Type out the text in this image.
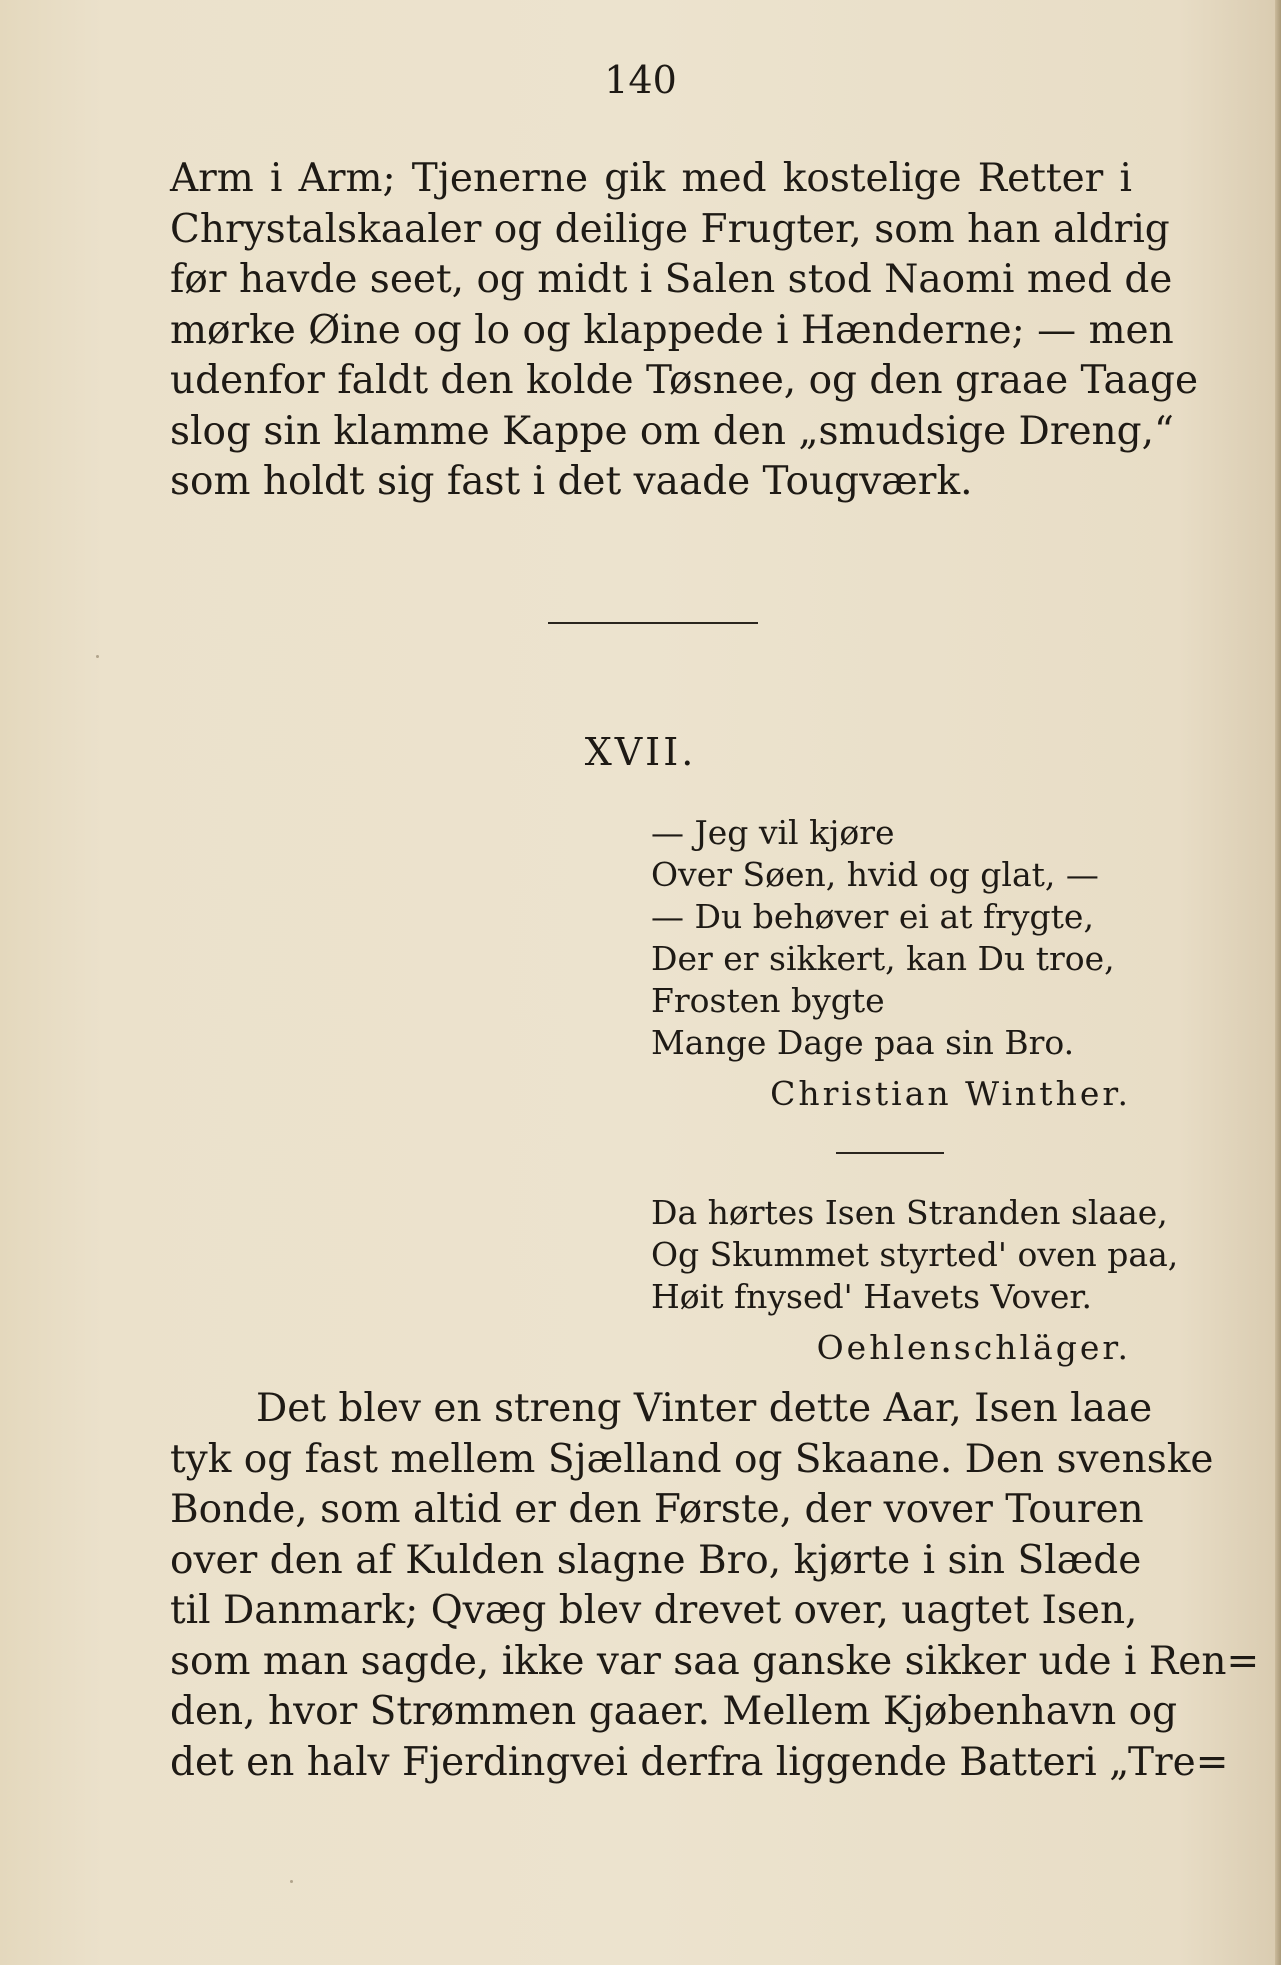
140
Arm i Arm; Tjenerne gik med kostelige Retter i
Chrystalskaaler og deilige Frugter, som han aldrig
før havde seet, og midt i Salen stod Naomi med de
mørke Øine og lo og klappede i Hænderne; — men
udenfor faldt den kolde Tøsnee, og den graae Taage
slog sin klamme Kappe om den „smudsige Dreng,“
som holdt sig fast i det vaade Tougværk.
XVII.
— Jeg vil kjøre
Over Søen, hvid og glat, —
— Du behøver ei at frygte,
Der er sikkert, kan Du troe,
Frosten bygte
Mange Dage paa sin Bro.
Christian Winther.
Da hørtes Isen Stranden slaae,
Og Skummet styrted' oven paa,
Høit fnysed' Havets Vover.
Oehlenschläger.
Det blev en streng Vinter dette Aar, Isen laae
tyk og fast mellem Sjælland og Skaane. Den svenske
Bonde, som altid er den Første, der vover Touren
over den af Kulden slagne Bro, kjørte i sin Slæde
til Danmark; Qvæg blev drevet over, uagtet Isen,
som man sagde, ikke var saa ganske sikker ude i Ren=
den, hvor Strømmen gaaer. Mellem Kjøbenhavn og
det en halv Fjerdingvei derfra liggende Batteri „Tre=
